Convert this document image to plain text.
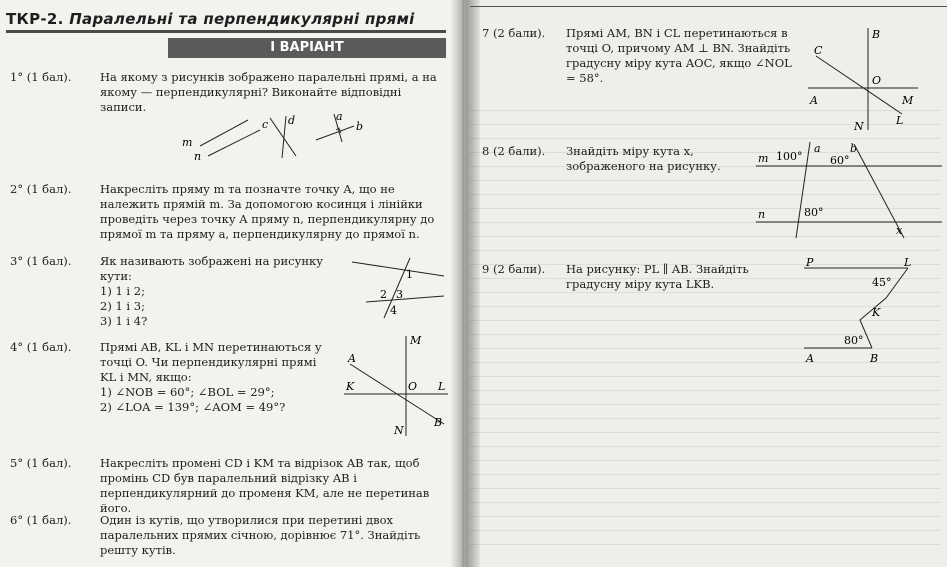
ТКР-2. Паралельні та перпендикулярні прямі
І ВАРІАНТ
1° (1 бал). На якому з рисунків зображено паралельні прямі, а на якому — перпендикулярні? Виконайте відповідні записи.
m
n
c d	a
b
2° (1 бал). Накресліть пряму m та позначте точку A, що не належить прямій m. За допомогою косинця і лінійки проведіть через точку A пряму n, перпендикулярну до прямої m та пряму a, перпендикулярну до прямої n.
3° (1 бал). Як називають зображені на рисунку кути:
1) 1 і 2;
2) 1 і 3;
3) 1 і 4?
1
2 3
4
4° (1 бал). Прямі AB, KL і MN перетинаються у точці O. Чи перпендикулярні прямі KL і MN, якщо:
1) ∠NOB = 60°; ∠BOL = 29°;
2) ∠LOA = 139°; ∠AOM = 49°?
M
A
K	O L
N
B
5° (1 бал). Накресліть промені CD і KM та відрізок AB так, щоб промінь CD був паралельний відрізку AB і перпендикулярний до променя KM, але не перетинав його.
6° (1 бал). Один із кутів, що утворилися при перетині двох паралельних прямих січною, дорівнює 71°. Знайдіть решту кутів.
7 (2 бали). Прямі AM, BN і CL перетинаються в точці O, причому AM ⊥ BN. Знайдіть градусну міру кута AOC, якщо ∠NOL = 58°.
B
C
O
A	M
N	L
8 (2 бали). Знайдіть міру кута x, зображеного на рисунку.
m
n
a	b
x
100°	60°
80°
9 (2 бали). На рисунку: PL ∥ AB. Знайдіть градусну міру кута LKB.
P	L
K
A	B
45°
80°
